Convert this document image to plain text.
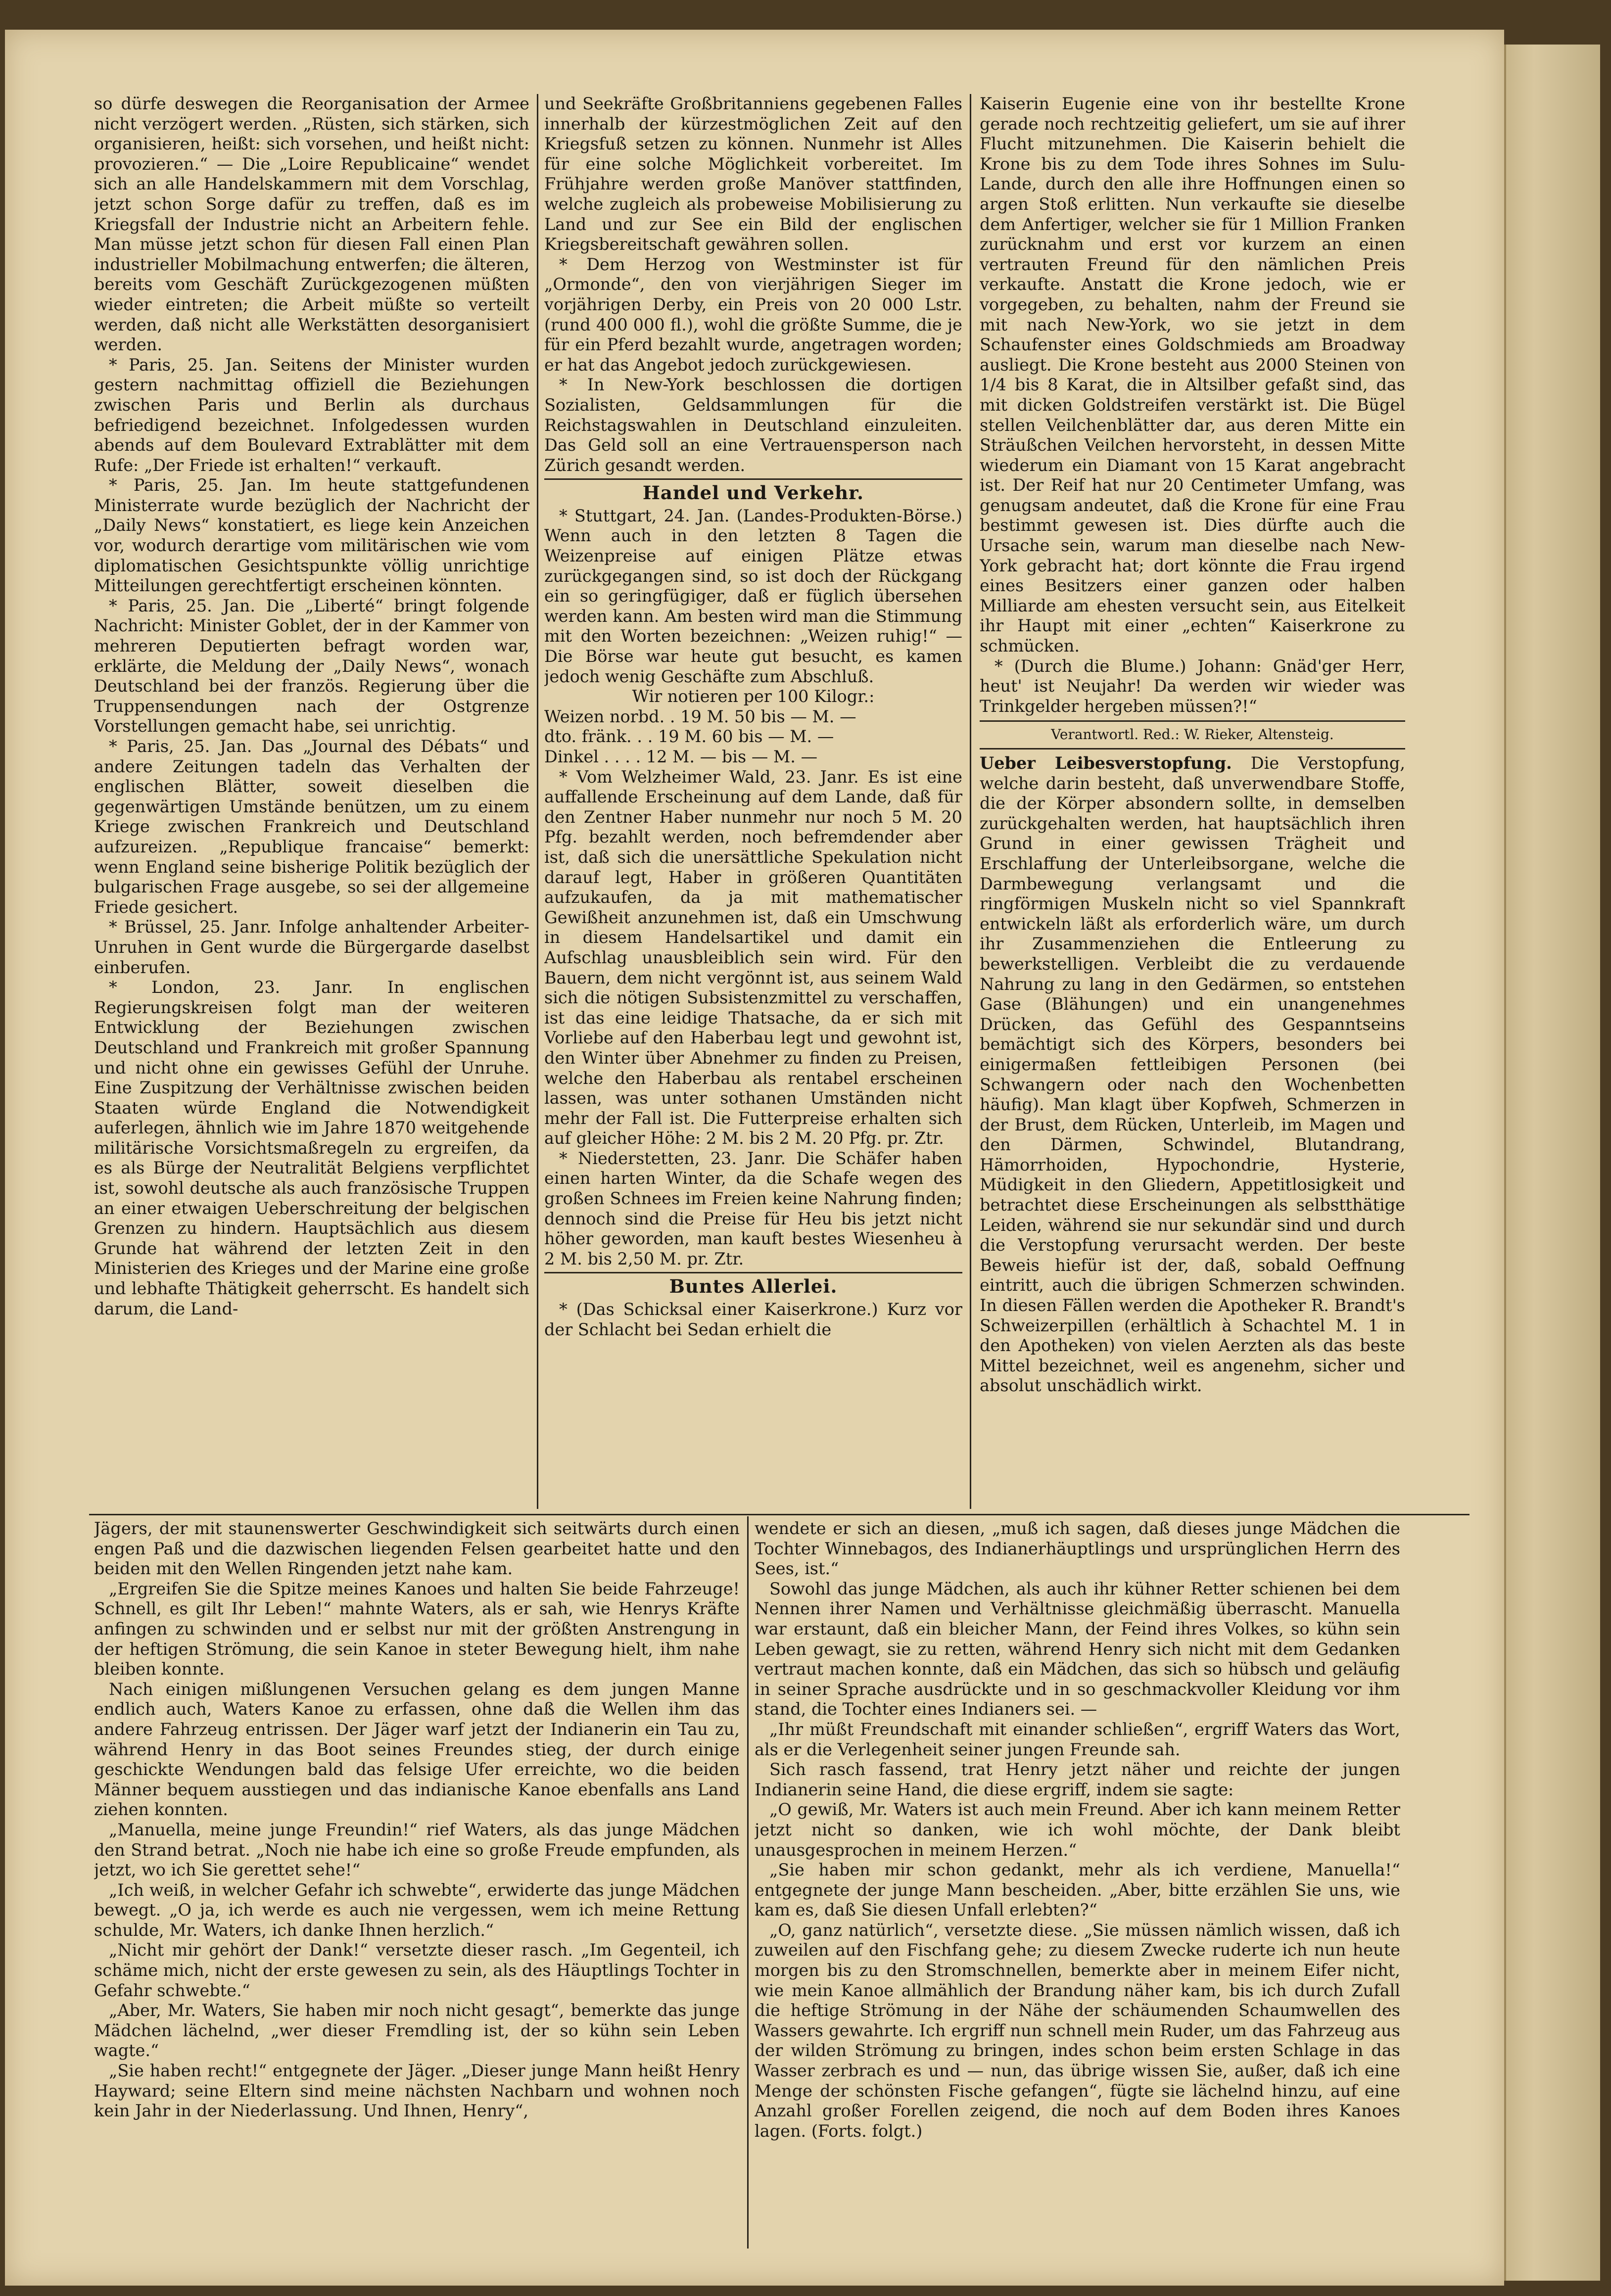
so dürfe deswegen die Reorganisation der Armee nicht verzögert werden. „Rüsten, sich stärken, sich organisieren, heißt: sich vorsehen, und heißt nicht: provozieren.“ — Die „Loire Republicaine“ wendet sich an alle Handelskammern mit dem Vorschlag, jetzt schon Sorge dafür zu treffen, daß es im Kriegsfall der Industrie nicht an Arbeitern fehle. Man müsse jetzt schon für diesen Fall einen Plan industrieller Mobilmachung entwerfen; die älteren, bereits vom Geschäft Zurückgezogenen müßten wieder eintreten; die Arbeit müßte so verteilt werden, daß nicht alle Werkstätten desorganisiert werden.

* Paris, 25. Jan. Seitens der Minister wurden gestern nachmittag offiziell die Beziehungen zwischen Paris und Berlin als durchaus befriedigend bezeichnet. Infolgedessen wurden abends auf dem Boulevard Extrablätter mit dem Rufe: „Der Friede ist erhalten!“ verkauft.

* Paris, 25. Jan. Im heute stattgefundenen Ministerrate wurde bezüglich der Nachricht der „Daily News“ konstatiert, es liege kein Anzeichen vor, wodurch derartige vom militärischen wie vom diplomatischen Gesichtspunkte völlig unrichtige Mitteilungen gerechtfertigt erscheinen könnten.

* Paris, 25. Jan. Die „Liberté“ bringt folgende Nachricht: Minister Goblet, der in der Kammer von mehreren Deputierten befragt worden war, erklärte, die Meldung der „Daily News“, wonach Deutschland bei der französ. Regierung über die Truppensendungen nach der Ostgrenze Vorstellungen gemacht habe, sei unrichtig.

* Paris, 25. Jan. Das „Journal des Débats“ und andere Zeitungen tadeln das Verhalten der englischen Blätter, soweit dieselben die gegenwärtigen Umstände benützen, um zu einem Kriege zwischen Frankreich und Deutschland aufzureizen. „Republique francaise“ bemerkt: wenn England seine bisherige Politik bezüglich der bulgarischen Frage ausgebe, so sei der allgemeine Friede gesichert.

* Brüssel, 25. Janr. Infolge anhaltender Arbeiter-Unruhen in Gent wurde die Bürgergarde daselbst einberufen.

* London, 23. Janr. In englischen Regierungskreisen folgt man der weiteren Entwicklung der Beziehungen zwischen Deutschland und Frankreich mit großer Spannung und nicht ohne ein gewisses Gefühl der Unruhe. Eine Zuspitzung der Verhältnisse zwischen beiden Staaten würde England die Notwendigkeit auferlegen, ähnlich wie im Jahre 1870 weitgehende militärische Vorsichtsmaßregeln zu ergreifen, da es als Bürge der Neutralität Belgiens verpflichtet ist, sowohl deutsche als auch französische Truppen an einer etwaigen Ueberschreitung der belgischen Grenzen zu hindern. Hauptsächlich aus diesem Grunde hat während der letzten Zeit in den Ministerien des Krieges und der Marine eine große und lebhafte Thätigkeit geherrscht. Es handelt sich darum, die Land-

und Seekräfte Großbritanniens gegebenen Falles innerhalb der kürzestmöglichen Zeit auf den Kriegsfuß setzen zu können. Nunmehr ist Alles für eine solche Möglichkeit vorbereitet. Im Frühjahre werden große Manöver stattfinden, welche zugleich als probeweise Mobilisierung zu Land und zur See ein Bild der englischen Kriegsbereitschaft gewähren sollen.

* Dem Herzog von Westminster ist für „Ormonde“, den von vierjährigen Sieger im vorjährigen Derby, ein Preis von 20 000 Lstr. (rund 400 000 fl.), wohl die größte Summe, die je für ein Pferd bezahlt wurde, angetragen worden; er hat das Angebot jedoch zurückgewiesen.

* In New-York beschlossen die dortigen Sozialisten, Geldsammlungen für die Reichstagswahlen in Deutschland einzuleiten. Das Geld soll an eine Vertrauensperson nach Zürich gesandt werden.

Handel und Verkehr.

* Stuttgart, 24. Jan. (Landes-Produkten-Börse.) Wenn auch in den letzten 8 Tagen die Weizenpreise auf einigen Plätze etwas zurückgegangen sind, so ist doch der Rückgang ein so geringfügiger, daß er füglich übersehen werden kann. Am besten wird man die Stimmung mit den Worten bezeichnen: „Weizen ruhig!“ — Die Börse war heute gut besucht, es kamen jedoch wenig Geschäfte zum Abschluß.

Wir notieren per 100 Kilogr.:

Weizen norbd. . 19 M. 50 bis — M. —

dto. fränk. . . 19 M. 60 bis — M. —

Dinkel . . . . 12 M. — bis — M. —

* Vom Welzheimer Wald, 23. Janr. Es ist eine auffallende Erscheinung auf dem Lande, daß für den Zentner Haber nunmehr nur noch 5 M. 20 Pfg. bezahlt werden, noch befremdender aber ist, daß sich die unersättliche Spekulation nicht darauf legt, Haber in größeren Quantitäten aufzukaufen, da ja mit mathematischer Gewißheit anzunehmen ist, daß ein Umschwung in diesem Handelsartikel und damit ein Aufschlag unausbleiblich sein wird. Für den Bauern, dem nicht vergönnt ist, aus seinem Wald sich die nötigen Subsistenzmittel zu verschaffen, ist das eine leidige Thatsache, da er sich mit Vorliebe auf den Haberbau legt und gewohnt ist, den Winter über Abnehmer zu finden zu Preisen, welche den Haberbau als rentabel erscheinen lassen, was unter sothanen Umständen nicht mehr der Fall ist. Die Futterpreise erhalten sich auf gleicher Höhe: 2 M. bis 2 M. 20 Pfg. pr. Ztr.

* Niederstetten, 23. Janr. Die Schäfer haben einen harten Winter, da die Schafe wegen des großen Schnees im Freien keine Nahrung finden; dennoch sind die Preise für Heu bis jetzt nicht höher geworden, man kauft bestes Wiesenheu à 2 M. bis 2,50 M. pr. Ztr.

Buntes Allerlei.

* (Das Schicksal einer Kaiserkrone.) Kurz vor der Schlacht bei Sedan erhielt die

Kaiserin Eugenie eine von ihr bestellte Krone gerade noch rechtzeitig geliefert, um sie auf ihrer Flucht mitzunehmen. Die Kaiserin behielt die Krone bis zu dem Tode ihres Sohnes im Sulu-Lande, durch den alle ihre Hoffnungen einen so argen Stoß erlitten. Nun verkaufte sie dieselbe dem Anfertiger, welcher sie für 1 Million Franken zurücknahm und erst vor kurzem an einen vertrauten Freund für den nämlichen Preis verkaufte. Anstatt die Krone jedoch, wie er vorgegeben, zu behalten, nahm der Freund sie mit nach New-York, wo sie jetzt in dem Schaufenster eines Goldschmieds am Broadway ausliegt. Die Krone besteht aus 2000 Steinen von 1/4 bis 8 Karat, die in Altsilber gefaßt sind, das mit dicken Goldstreifen verstärkt ist. Die Bügel stellen Veilchenblätter dar, aus deren Mitte ein Sträußchen Veilchen hervorsteht, in dessen Mitte wiederum ein Diamant von 15 Karat angebracht ist. Der Reif hat nur 20 Centimeter Umfang, was genugsam andeutet, daß die Krone für eine Frau bestimmt gewesen ist. Dies dürfte auch die Ursache sein, warum man dieselbe nach New-York gebracht hat; dort könnte die Frau irgend eines Besitzers einer ganzen oder halben Milliarde am ehesten versucht sein, aus Eitelkeit ihr Haupt mit einer „echten“ Kaiserkrone zu schmücken.

* (Durch die Blume.) Johann: Gnäd'ger Herr, heut' ist Neujahr! Da werden wir wieder was Trinkgelder hergeben müssen?!“

Verantwortl. Red.: W. Rieker, Altensteig.

Ueber Leibesverstopfung. Die Verstopfung, welche darin besteht, daß unverwendbare Stoffe, die der Körper absondern sollte, in demselben zurückgehalten werden, hat hauptsächlich ihren Grund in einer gewissen Trägheit und Erschlaffung der Unterleibsorgane, welche die Darmbewegung verlangsamt und die ringförmigen Muskeln nicht so viel Spannkraft entwickeln läßt als erforderlich wäre, um durch ihr Zusammenziehen die Entleerung zu bewerkstelligen. Verbleibt die zu verdauende Nahrung zu lang in den Gedärmen, so entstehen Gase (Blähungen) und ein unangenehmes Drücken, das Gefühl des Gespanntseins bemächtigt sich des Körpers, besonders bei einigermaßen fettleibigen Personen (bei Schwangern oder nach den Wochenbetten häufig). Man klagt über Kopfweh, Schmerzen in der Brust, dem Rücken, Unterleib, im Magen und den Därmen, Schwindel, Blutandrang, Hämorrhoiden, Hypochondrie, Hysterie, Müdigkeit in den Gliedern, Appetitlosigkeit und betrachtet diese Erscheinungen als selbstthätige Leiden, während sie nur sekundär sind und durch die Verstopfung verursacht werden. Der beste Beweis hiefür ist der, daß, sobald Oeffnung eintritt, auch die übrigen Schmerzen schwinden. In diesen Fällen werden die Apotheker R. Brandt's Schweizerpillen (erhältlich à Schachtel M. 1 in den Apotheken) von vielen Aerzten als das beste Mittel bezeichnet, weil es angenehm, sicher und absolut unschädlich wirkt.

Jägers, der mit staunenswerter Geschwindigkeit sich seitwärts durch einen engen Paß und die dazwischen liegenden Felsen gearbeitet hatte und den beiden mit den Wellen Ringenden jetzt nahe kam.

„Ergreifen Sie die Spitze meines Kanoes und halten Sie beide Fahrzeuge! Schnell, es gilt Ihr Leben!“ mahnte Waters, als er sah, wie Henrys Kräfte anfingen zu schwinden und er selbst nur mit der größten Anstrengung in der heftigen Strömung, die sein Kanoe in steter Bewegung hielt, ihm nahe bleiben konnte.

Nach einigen mißlungenen Versuchen gelang es dem jungen Manne endlich auch, Waters Kanoe zu erfassen, ohne daß die Wellen ihm das andere Fahrzeug entrissen. Der Jäger warf jetzt der Indianerin ein Tau zu, während Henry in das Boot seines Freundes stieg, der durch einige geschickte Wendungen bald das felsige Ufer erreichte, wo die beiden Männer bequem ausstiegen und das indianische Kanoe ebenfalls ans Land ziehen konnten.

„Manuella, meine junge Freundin!“ rief Waters, als das junge Mädchen den Strand betrat. „Noch nie habe ich eine so große Freude empfunden, als jetzt, wo ich Sie gerettet sehe!“

„Ich weiß, in welcher Gefahr ich schwebte“, erwiderte das junge Mädchen bewegt. „O ja, ich werde es auch nie vergessen, wem ich meine Rettung schulde, Mr. Waters, ich danke Ihnen herzlich.“

„Nicht mir gehört der Dank!“ versetzte dieser rasch. „Im Gegenteil, ich schäme mich, nicht der erste gewesen zu sein, als des Häuptlings Tochter in Gefahr schwebte.“

„Aber, Mr. Waters, Sie haben mir noch nicht gesagt“, bemerkte das junge Mädchen lächelnd, „wer dieser Fremdling ist, der so kühn sein Leben wagte.“

„Sie haben recht!“ entgegnete der Jäger. „Dieser junge Mann heißt Henry Hayward; seine Eltern sind meine nächsten Nachbarn und wohnen noch kein Jahr in der Niederlassung. Und Ihnen, Henry“,

wendete er sich an diesen, „muß ich sagen, daß dieses junge Mädchen die Tochter Winnebagos, des Indianerhäuptlings und ursprünglichen Herrn des Sees, ist.“

Sowohl das junge Mädchen, als auch ihr kühner Retter schienen bei dem Nennen ihrer Namen und Verhältnisse gleichmäßig überrascht. Manuella war erstaunt, daß ein bleicher Mann, der Feind ihres Volkes, so kühn sein Leben gewagt, sie zu retten, während Henry sich nicht mit dem Gedanken vertraut machen konnte, daß ein Mädchen, das sich so hübsch und geläufig in seiner Sprache ausdrückte und in so geschmackvoller Kleidung vor ihm stand, die Tochter eines Indianers sei. —

„Ihr müßt Freundschaft mit einander schließen“, ergriff Waters das Wort, als er die Verlegenheit seiner jungen Freunde sah.

Sich rasch fassend, trat Henry jetzt näher und reichte der jungen Indianerin seine Hand, die diese ergriff, indem sie sagte:

„O gewiß, Mr. Waters ist auch mein Freund. Aber ich kann meinem Retter jetzt nicht so danken, wie ich wohl möchte, der Dank bleibt unausgesprochen in meinem Herzen.“

„Sie haben mir schon gedankt, mehr als ich verdiene, Manuella!“ entgegnete der junge Mann bescheiden. „Aber, bitte erzählen Sie uns, wie kam es, daß Sie diesen Unfall erlebten?“

„O, ganz natürlich“, versetzte diese. „Sie müssen nämlich wissen, daß ich zuweilen auf den Fischfang gehe; zu diesem Zwecke ruderte ich nun heute morgen bis zu den Stromschnellen, bemerkte aber in meinem Eifer nicht, wie mein Kanoe allmählich der Brandung näher kam, bis ich durch Zufall die heftige Strömung in der Nähe der schäumenden Schaumwellen des Wassers gewahrte. Ich ergriff nun schnell mein Ruder, um das Fahrzeug aus der wilden Strömung zu bringen, indes schon beim ersten Schlage in das Wasser zerbrach es und — nun, das übrige wissen Sie, außer, daß ich eine Menge der schönsten Fische gefangen“, fügte sie lächelnd hinzu, auf eine Anzahl großer Forellen zeigend, die noch auf dem Boden ihres Kanoes lagen. (Forts. folgt.)
